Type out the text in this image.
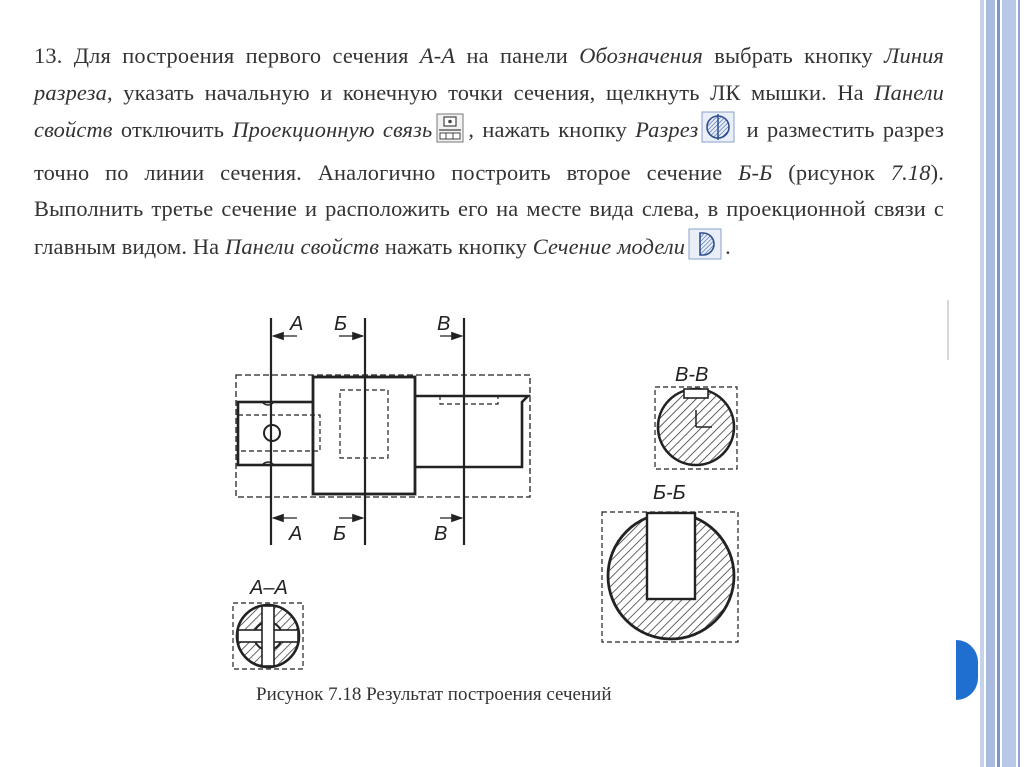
13. Для построения первого сечения А-А на панели Обозначения выбрать кнопку Линия разреза, указать начальную и конечную точки сечения, щелкнуть ЛК мышки. На Панели свойств отключить Проекционную связь , нажать кнопку Разрез и разместить разрез точно по линии сечения. Аналогично построить второе сечение Б-Б (рисунок 7.18). Выполнить третье сечение и расположить его на месте вида слева, в проекционной связи с главным видом. На Панели свойств нажать кнопку Сечение модели .
А Б	В
А Б	В
В-В
Б-Б
А–А
Рисунок 7.18 Результат построения сечений
